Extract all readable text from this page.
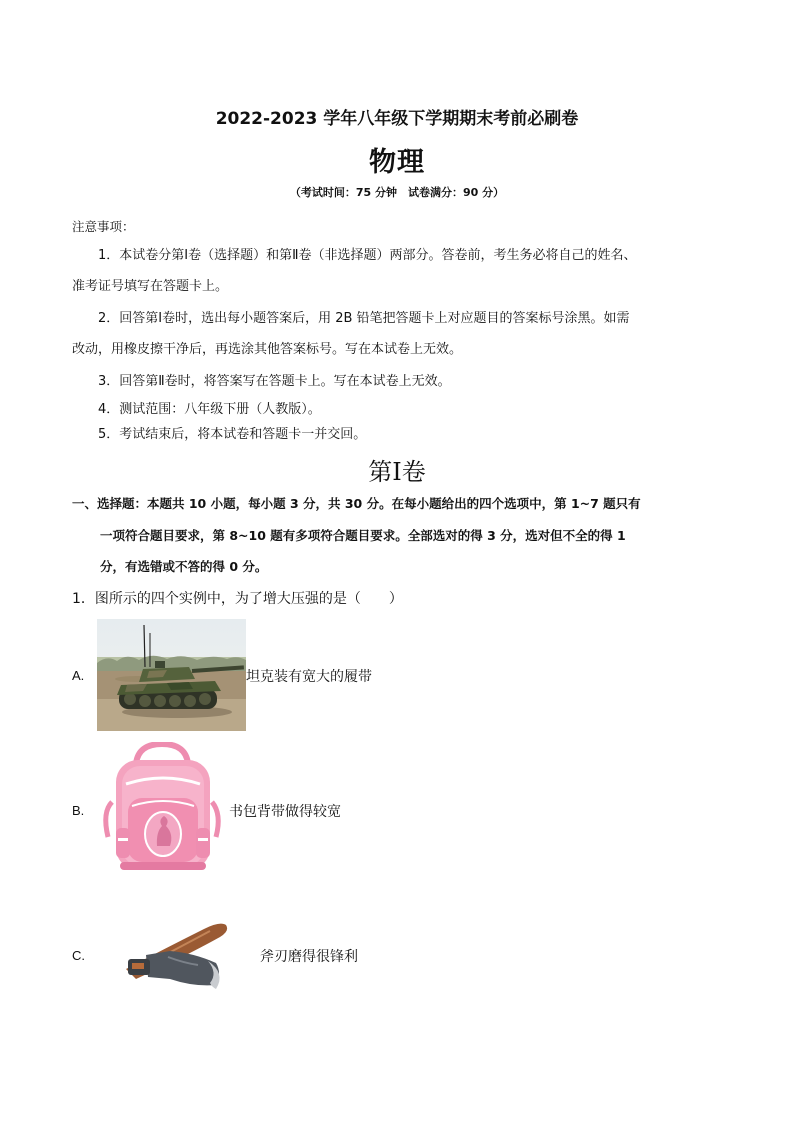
2022-2023 学年八年级下学期期末考前必刷卷
物理
（考试时间：75 分钟　试卷满分：90 分）
注意事项：
1．本试卷分第Ⅰ卷（选择题）和第Ⅱ卷（非选择题）两部分。答卷前，考生务必将自己的姓名、
准考证号填写在答题卡上。
2．回答第Ⅰ卷时，选出每小题答案后，用 2B 铅笔把答题卡上对应题目的答案标号涂黑。如需
改动，用橡皮擦干净后，再选涂其他答案标号。写在本试卷上无效。
3．回答第Ⅱ卷时，将答案写在答题卡上。写在本试卷上无效。
4．测试范围：八年级下册（人教版）。
5．考试结束后，将本试卷和答题卡一并交回。
第Ⅰ卷
一、选择题：本题共 10 小题，每小题 3 分，共 30 分。在每小题给出的四个选项中，第 1~7 题只有
一项符合题目要求，第 8~10 题有多项符合题目要求。全部选对的得 3 分，选对但不全的得 1
分，有选错或不答的得 0 分。
1．图所示的四个实例中，为了增大压强的是（　　）
A.	坦克装有宽大的履带
B.	书包背带做得较宽
C.	斧刃磨得很锋利
